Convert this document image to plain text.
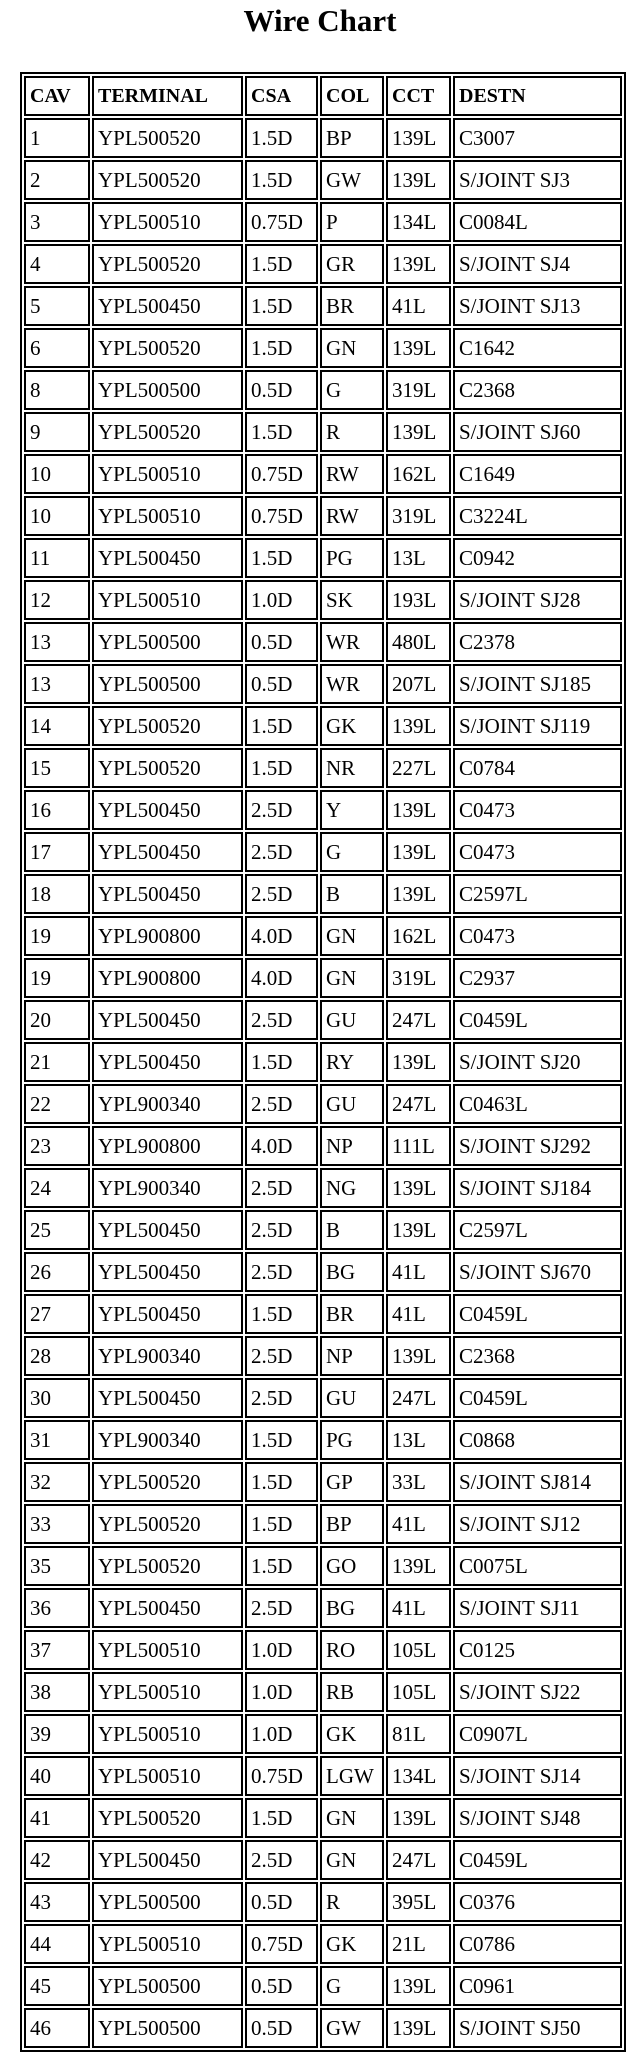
Wire Chart
CAV	TERMINAL	CSA	COL	CCT	DESTN
1	YPL500520	1.5D	BP	139L	C3007
2	YPL500520	1.5D	GW	139L	S/JOINT SJ3
3	YPL500510	0.75D	P	134L	C0084L
4	YPL500520	1.5D	GR	139L	S/JOINT SJ4
5	YPL500450	1.5D	BR	41L	S/JOINT SJ13
6	YPL500520	1.5D	GN	139L	C1642
8	YPL500500	0.5D	G	319L	C2368
9	YPL500520	1.5D	R	139L	S/JOINT SJ60
10	YPL500510	0.75D	RW	162L	C1649
10	YPL500510	0.75D	RW	319L	C3224L
11	YPL500450	1.5D	PG	13L	C0942
12	YPL500510	1.0D	SK	193L	S/JOINT SJ28
13	YPL500500	0.5D	WR	480L	C2378
13	YPL500500	0.5D	WR	207L	S/JOINT SJ185
14	YPL500520	1.5D	GK	139L	S/JOINT SJ119
15	YPL500520	1.5D	NR	227L	C0784
16	YPL500450	2.5D	Y	139L	C0473
17	YPL500450	2.5D	G	139L	C0473
18	YPL500450	2.5D	B	139L	C2597L
19	YPL900800	4.0D	GN	162L	C0473
19	YPL900800	4.0D	GN	319L	C2937
20	YPL500450	2.5D	GU	247L	C0459L
21	YPL500450	1.5D	RY	139L	S/JOINT SJ20
22	YPL900340	2.5D	GU	247L	C0463L
23	YPL900800	4.0D	NP	111L	S/JOINT SJ292
24	YPL900340	2.5D	NG	139L	S/JOINT SJ184
25	YPL500450	2.5D	B	139L	C2597L
26	YPL500450	2.5D	BG	41L	S/JOINT SJ670
27	YPL500450	1.5D	BR	41L	C0459L
28	YPL900340	2.5D	NP	139L	C2368
30	YPL500450	2.5D	GU	247L	C0459L
31	YPL900340	1.5D	PG	13L	C0868
32	YPL500520	1.5D	GP	33L	S/JOINT SJ814
33	YPL500520	1.5D	BP	41L	S/JOINT SJ12
35	YPL500520	1.5D	GO	139L	C0075L
36	YPL500450	2.5D	BG	41L	S/JOINT SJ11
37	YPL500510	1.0D	RO	105L	C0125
38	YPL500510	1.0D	RB	105L	S/JOINT SJ22
39	YPL500510	1.0D	GK	81L	C0907L
40	YPL500510	0.75D	LGW	134L	S/JOINT SJ14
41	YPL500520	1.5D	GN	139L	S/JOINT SJ48
42	YPL500450	2.5D	GN	247L	C0459L
43	YPL500500	0.5D	R	395L	C0376
44	YPL500510	0.75D	GK	21L	C0786
45	YPL500500	0.5D	G	139L	C0961
46	YPL500500	0.5D	GW	139L	S/JOINT SJ50
